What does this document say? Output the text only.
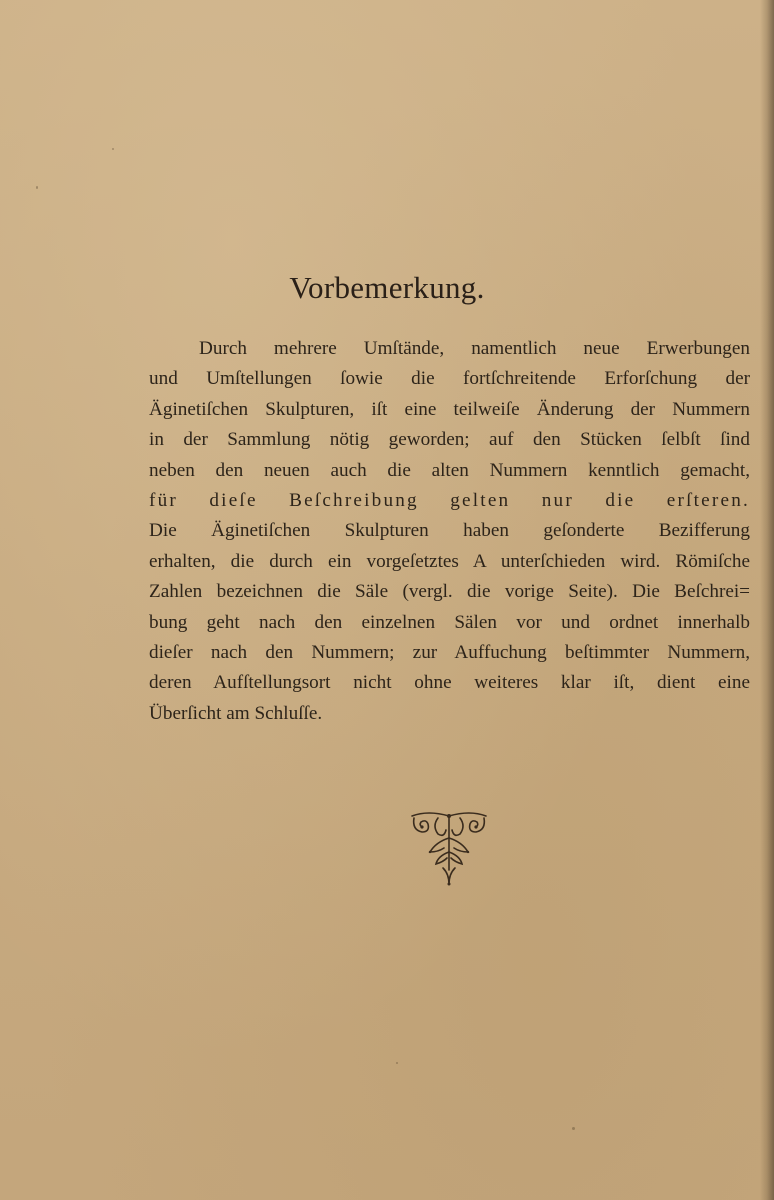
Vorbemerkung.
Durch mehrere Umſtände, namentlich neue Erwerbungen
und Umſtellungen ſowie die fortſchreitende Erforſchung der
Äginetiſchen Skulpturen, iſt eine teilweiſe Änderung der Nummern
in der Sammlung nötig geworden; auf den Stücken ſelbſt ſind
neben den neuen auch die alten Nummern kenntlich gemacht,
für dieſe Beſchreibung gelten nur die erſteren.
Die Äginetiſchen Skulpturen haben geſonderte Bezifferung
erhalten, die durch ein vorgeſetztes A unterſchieden wird. Römiſche
Zahlen bezeichnen die Säle (vergl. die vorige Seite). Die Beſchrei=
bung geht nach den einzelnen Sälen vor und ordnet innerhalb
dieſer nach den Nummern; zur Auffuchung beſtimmter Nummern,
deren Aufſtellungsort nicht ohne weiteres klar iſt, dient eine
Überſicht am Schluſſe.
